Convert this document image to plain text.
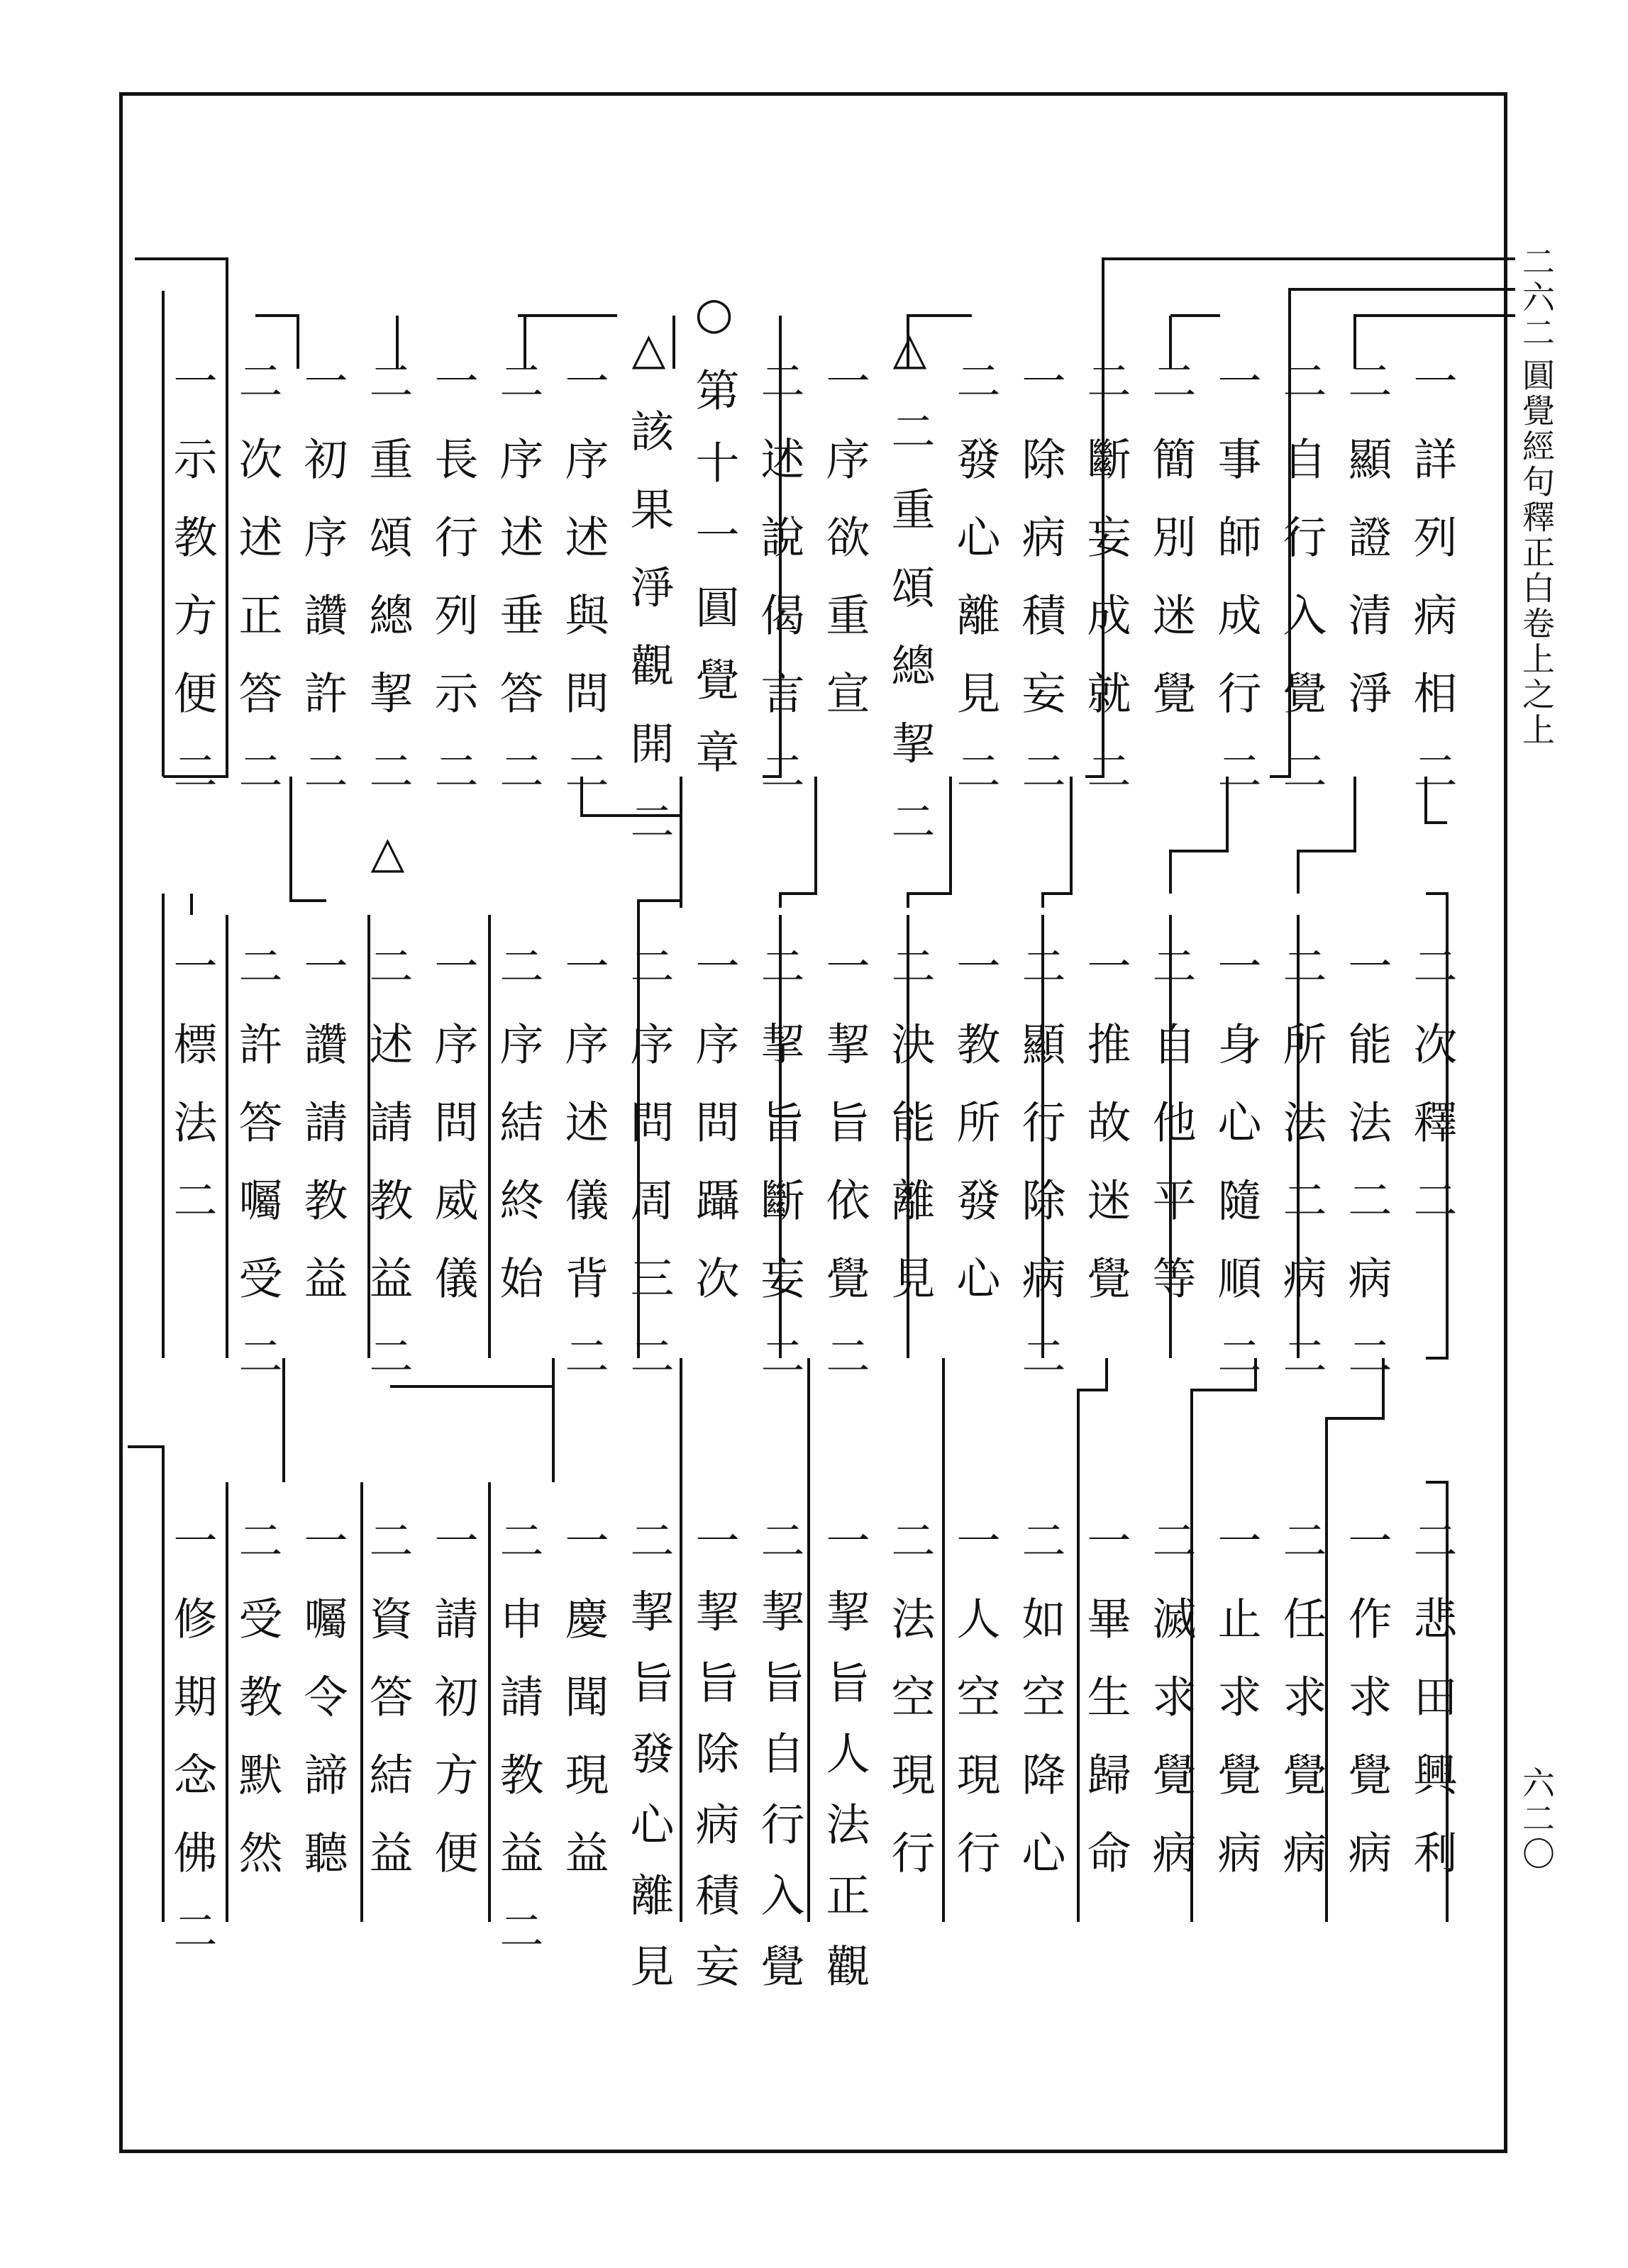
二六二
圓覺經句釋正白卷上之上
六二〇
一詳列病相二
二顯證清淨
二自行入覺二
一事師成行二
二簡別迷覺
二斷妄成就二
一除病積妄二
二發心離見二
△二重頌總挈二
一序欲重宣
二述說偈言二
○第十一圓覺章
△該果淨觀開二
一序述與問二
二序述垂答二
一長行列示二
二重頌總挈二△
一初序讚許二
二次述正答二
一示教方便二
二次釋二
一能法二病二
二所法二病二
一身心隨順二
二自他平等
一推故迷覺
二顯行除病二
一教所發心
二決能離見
一挈旨依覺二
二挈旨斷妄二
一序問躡次
二序問周三二
一序述儀背二
二序結終始
一序問威儀
二述請教益二
一讚請教益
二許答囑受二
一標法二
二悲田興利
一作求覺病
二任求覺病
一止求覺病
二滅求覺病
一畢生歸命
二如空降心
一人空現行
二法空現行
一挈旨人法正觀
二挈旨自行入覺
一挈旨除病積妄
二挈旨發心離見
一慶聞現益
二申請教益二
一請初方便
二資答結益
一囑令諦聽
二受教默然
一修期念佛二
